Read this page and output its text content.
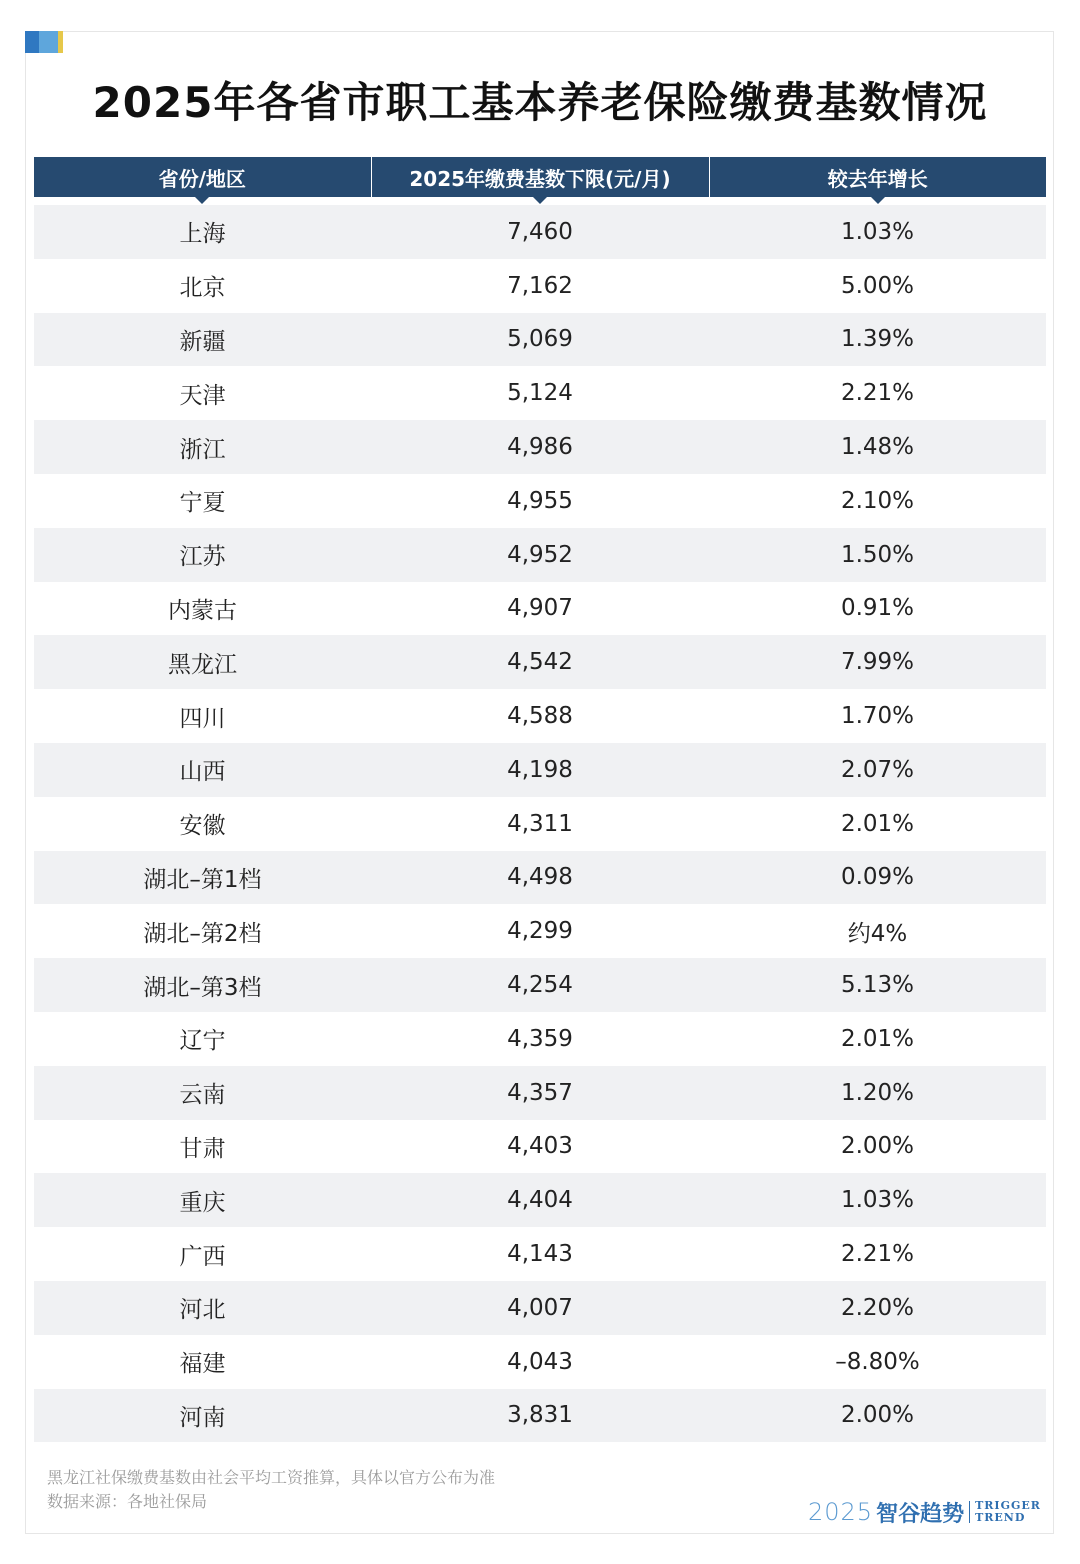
2025年各省市职工基本养老保险缴费基数情况
省份/地区	2025年缴费基数下限(元/月)	较去年增长

上海	7,460	1.03%
北京	7,162	5.00%
新疆	5,069	1.39%
天津	5,124	2.21%
浙江	4,986	1.48%
宁夏	4,955	2.10%
江苏	4,952	1.50%
内蒙古	4,907	0.91%
黑龙江	4,542	7.99%
四川	4,588	1.70%
山西	4,198	2.07%
安徽	4,311	2.01%
湖北–第1档	4,498	0.09%
湖北–第2档	4,299	约4%
湖北–第3档	4,254	5.13%
辽宁	4,359	2.01%
云南	4,357	1.20%
甘肃	4,403	2.00%
重庆	4,404	1.03%
广西	4,143	2.21%
河北	4,007	2.20%
福建	4,043	–8.80%
河南	3,831	2.00%
黑龙江社保缴费基数由社会平均工资推算，具体以官方公布为准
数据来源：各地社保局	2025 智谷趋势 TRIGGER
TREND
